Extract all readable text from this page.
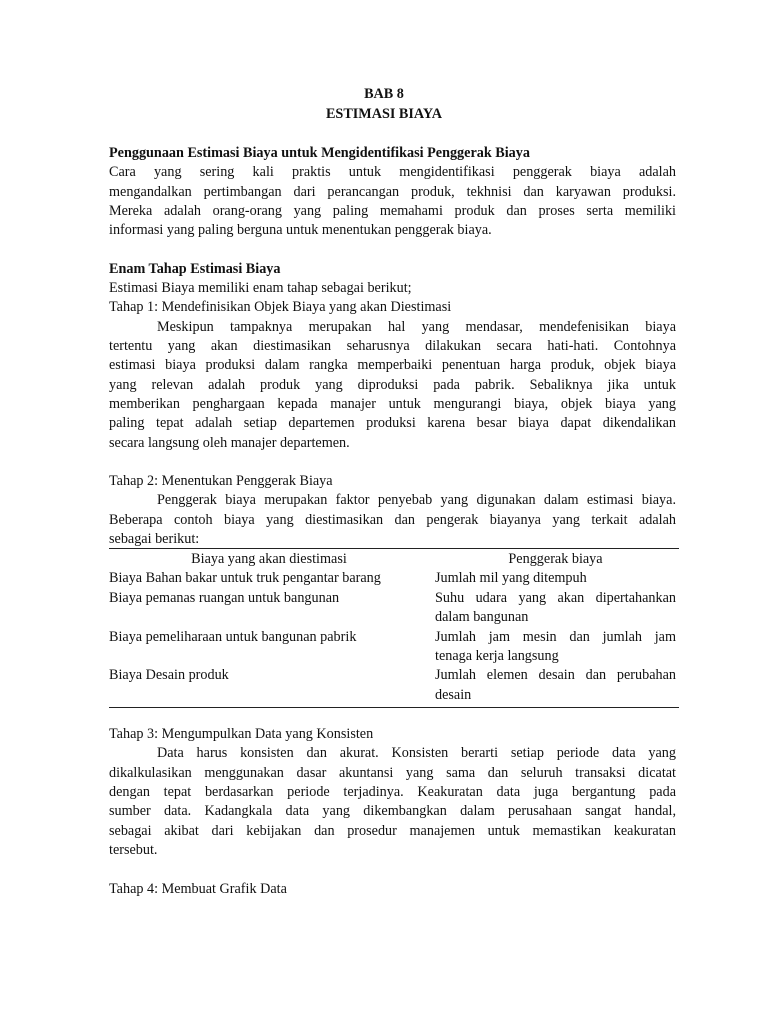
BAB 8
ESTIMASI BIAYA
Penggunaan Estimasi Biaya untuk Mengidentifikasi Penggerak Biaya
Cara yang sering kali praktis untuk mengidentifikasi penggerak biaya adalah
mengandalkan pertimbangan dari perancangan produk, tekhnisi dan karyawan produksi.
Mereka adalah orang-orang yang paling memahami produk dan proses serta memiliki
informasi yang paling berguna untuk menentukan penggerak biaya.
Enam Tahap Estimasi Biaya
Estimasi Biaya memiliki enam tahap sebagai berikut;
Tahap 1: Mendefinisikan Objek Biaya yang akan Diestimasi
Meskipun tampaknya merupakan hal yang mendasar, mendefenisikan biaya
tertentu yang akan diestimasikan seharusnya dilakukan secara hati-hati. Contohnya
estimasi biaya produksi dalam rangka memperbaiki penentuan harga produk, objek biaya
yang relevan adalah produk yang diproduksi pada pabrik. Sebaliknya jika untuk
memberikan penghargaan kepada manajer untuk mengurangi biaya, objek biaya yang
paling tepat adalah setiap departemen produksi karena besar biaya dapat dikendalikan
secara langsung oleh manajer departemen.
Tahap 2: Menentukan Penggerak Biaya
Penggerak biaya merupakan faktor penyebab yang digunakan dalam estimasi biaya.
Beberapa contoh biaya yang diestimasikan dan pengerak biayanya yang terkait adalah
sebagai berikut:
Biaya yang akan diestimasi	Penggerak biaya
Biaya Bahan bakar untuk truk pengantar barang	Jumlah mil yang ditempuh
Biaya pemanas ruangan untuk bangunan	Suhu udara yang akan dipertahankan
dalam bangunan
Biaya pemeliharaan untuk bangunan pabrik	Jumlah jam mesin dan jumlah jam
tenaga kerja langsung
Biaya Desain produk	Jumlah elemen desain dan perubahan
desain
Tahap 3: Mengumpulkan Data yang Konsisten
Data harus konsisten dan akurat. Konsisten berarti setiap periode data yang
dikalkulasikan menggunakan dasar akuntansi yang sama dan seluruh transaksi dicatat
dengan tepat berdasarkan periode terjadinya. Keakuratan data juga bergantung pada
sumber data. Kadangkala data yang dikembangkan dalam perusahaan sangat handal,
sebagai akibat dari kebijakan dan prosedur manajemen untuk memastikan keakuratan
tersebut.
Tahap 4: Membuat Grafik Data
